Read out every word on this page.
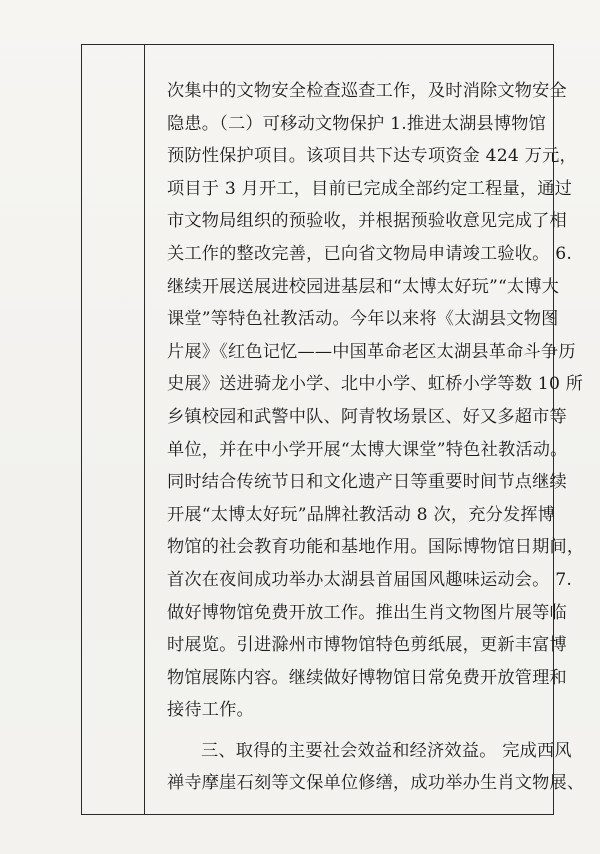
次集中的文物安全检查巡查工作，及时消除文物安全
隐患。（二）可移动文物保护 1.推进太湖县博物馆
预防性保护项目。该项目共下达专项资金 424 万元，
项目于 3 月开工，目前已完成全部约定工程量，通过
市文物局组织的预验收，并根据预验收意见完成了相
关工作的整改完善，已向省文物局申请竣工验收。 6.
继续开展送展进校园进基层和“太博太好玩”“太博大
课堂”等特色社教活动。今年以来将《太湖县文物图
片展》《红色记忆——中国革命老区太湖县革命斗争历
史展》送进骑龙小学、北中小学、虹桥小学等数 10 所
乡镇校园和武警中队、阿青牧场景区、好又多超市等
单位，并在中小学开展“太博大课堂”特色社教活动。
同时结合传统节日和文化遗产日等重要时间节点继续
开展“太博太好玩”品牌社教活动 8 次，充分发挥博
物馆的社会教育功能和基地作用。国际博物馆日期间，
首次在夜间成功举办太湖县首届国风趣味运动会。 7.
做好博物馆免费开放工作。推出生肖文物图片展等临
时展览。引进滁州市博物馆特色剪纸展，更新丰富博
物馆展陈内容。继续做好博物馆日常免费开放管理和
接待工作。
三、取得的主要社会效益和经济效益。 完成西风
禅寺摩崖石刻等文保单位修缮，成功举办生肖文物展、
